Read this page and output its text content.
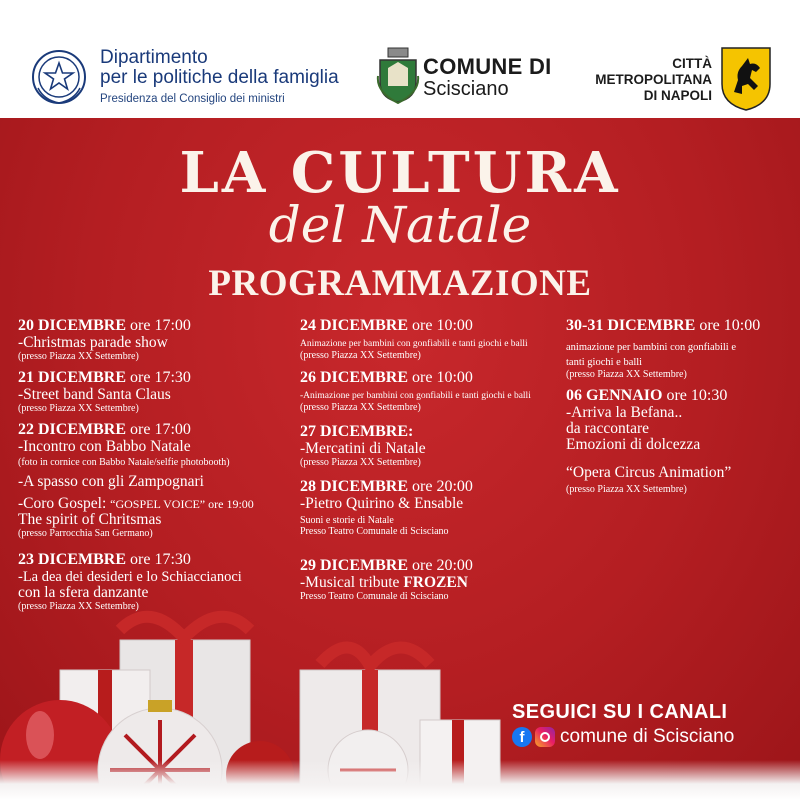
Dipartimento
per le politiche della famiglia
Presidenza del Consiglio dei ministri
COMUNE DI
Scisciano
CITTÀ
METROPOLITANA
DI NAPOLI
LA CULTURA
del Natale
PROGRAMMAZIONE
20 DICEMBRE ore 17:00
-Christmas parade show
(presso Piazza XX Settembre)
21 DICEMBRE ore 17:30
-Street band Santa Claus
(presso Piazza XX Settembre)
22 DICEMBRE ore 17:00
-Incontro con Babbo Natale
(foto in cornice con Babbo Natale/selfie photobooth)
-A spasso con gli Zampognari
-Coro Gospel: “GOSPEL VOICE” ore 19:00
The spirit of Chritsmas
(presso Parrocchia San Germano)
23 DICEMBRE ore 17:30
-La dea dei desideri e lo Schiaccianoci
con la sfera danzante
(presso Piazza XX Settembre)
24 DICEMBRE ore 10:00
Animazione per bambini con gonfiabili e tanti giochi e balli
(presso Piazza XX Settembre)
26 DICEMBRE ore 10:00
-Animazione per bambini con gonfiabili e tanti giochi e balli
(presso Piazza XX Settembre)
27 DICEMBRE:
-Mercatini di Natale
(presso Piazza XX Settembre)
28 DICEMBRE ore 20:00
-Pietro Quirino & Ensable
Suoni e storie di Natale
Presso Teatro Comunale di Scisciano
29 DICEMBRE ore 20:00
-Musical tribute FROZEN
Presso Teatro Comunale di Scisciano
30-31 DICEMBRE ore 10:00
animazione per bambini con gonfiabili e
tanti giochi e balli
(presso Piazza XX Settembre)
06 GENNAIO ore 10:30
-Arriva la Befana..
da raccontare
Emozioni di dolcezza
“Opera Circus Animation”
(presso Piazza XX Settembre)
SEGUICI SU I CANALI
f	comune di Scisciano
